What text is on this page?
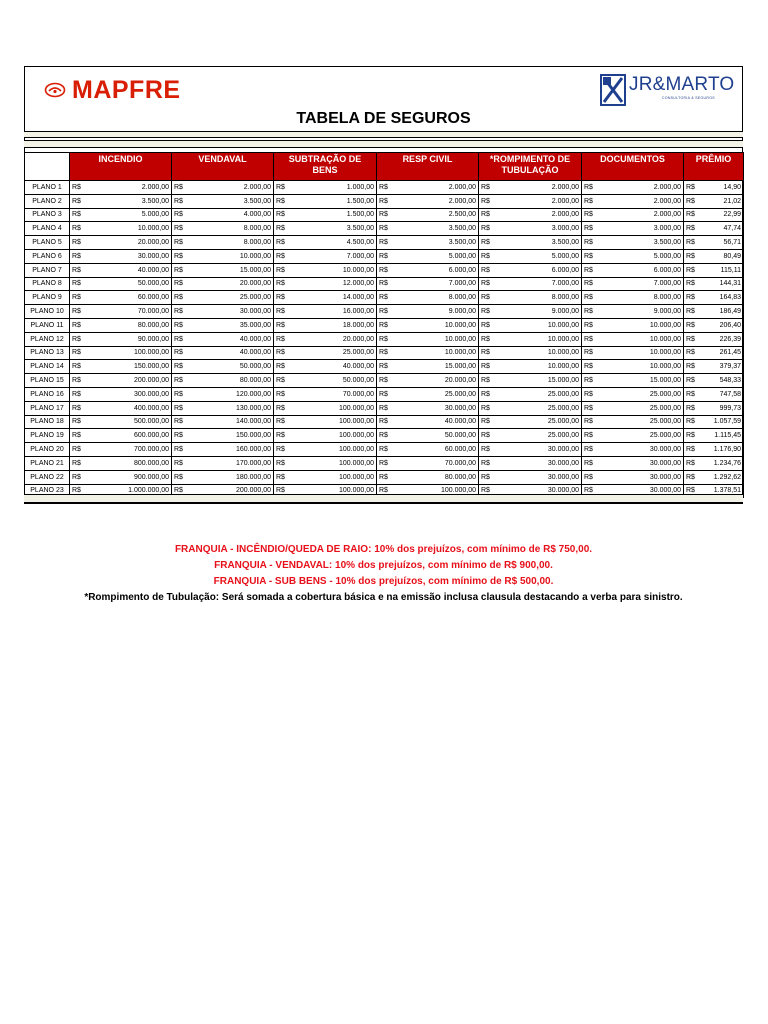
MAPFRE	JR&MARTO
CONSULTORIA & SEGUROS
TABELA DE SEGUROS
	INCENDIO	VENDAVAL	SUBTRAÇÃO DE BENS	RESP CIVIL	*ROMPIMENTO DE TUBULAÇÃO	DOCUMENTOS	PRÊMIO
PLANO 1	R$ 2.000,00	R$ 2.000,00	R$ 1.000,00	R$ 2.000,00	R$ 2.000,00	R$ 2.000,00	R$ 14,90

PLANO 2	R$ 3.500,00	R$ 3.500,00	R$ 1.500,00	R$ 2.000,00	R$ 2.000,00	R$ 2.000,00	R$ 21,02

PLANO 3	R$ 5.000,00	R$ 4.000,00	R$ 1.500,00	R$ 2.500,00	R$ 2.000,00	R$ 2.000,00	R$ 22,99

PLANO 4	R$ 10.000,00	R$ 8.000,00	R$ 3.500,00	R$ 3.500,00	R$ 3.000,00	R$ 3.000,00	R$ 47,74

PLANO 5	R$ 20.000,00	R$ 8.000,00	R$ 4.500,00	R$ 3.500,00	R$ 3.500,00	R$ 3.500,00	R$ 56,71

PLANO 6	R$ 30.000,00	R$ 10.000,00	R$ 7.000,00	R$ 5.000,00	R$ 5.000,00	R$ 5.000,00	R$ 80,49

PLANO 7	R$ 40.000,00	R$ 15.000,00	R$ 10.000,00	R$ 6.000,00	R$ 6.000,00	R$ 6.000,00	R$ 115,11

PLANO 8	R$ 50.000,00	R$ 20.000,00	R$ 12.000,00	R$ 7.000,00	R$ 7.000,00	R$ 7.000,00	R$ 144,31

PLANO 9	R$ 60.000,00	R$ 25.000,00	R$ 14.000,00	R$ 8.000,00	R$ 8.000,00	R$ 8.000,00	R$ 164,83

PLANO 10	R$ 70.000,00	R$ 30.000,00	R$ 16.000,00	R$ 9.000,00	R$ 9.000,00	R$ 9.000,00	R$ 186,49

PLANO 11	R$ 80.000,00	R$ 35.000,00	R$ 18.000,00	R$ 10.000,00	R$ 10.000,00	R$ 10.000,00	R$ 206,40

PLANO 12	R$ 90.000,00	R$ 40.000,00	R$ 20.000,00	R$ 10.000,00	R$ 10.000,00	R$ 10.000,00	R$ 226,39

PLANO 13	R$ 100.000,00	R$ 40.000,00	R$ 25.000,00	R$ 10.000,00	R$ 10.000,00	R$ 10.000,00	R$ 261,45

PLANO 14	R$ 150.000,00	R$ 50.000,00	R$ 40.000,00	R$ 15.000,00	R$ 10.000,00	R$ 10.000,00	R$ 379,37

PLANO 15	R$ 200.000,00	R$ 80.000,00	R$ 50.000,00	R$ 20.000,00	R$ 15.000,00	R$ 15.000,00	R$ 548,33

PLANO 16	R$ 300.000,00	R$ 120.000,00	R$ 70.000,00	R$ 25.000,00	R$ 25.000,00	R$ 25.000,00	R$ 747,58

PLANO 17	R$ 400.000,00	R$ 130.000,00	R$ 100.000,00	R$ 30.000,00	R$ 25.000,00	R$ 25.000,00	R$ 999,73

PLANO 18	R$ 500.000,00	R$ 140.000,00	R$ 100.000,00	R$ 40.000,00	R$ 25.000,00	R$ 25.000,00	R$ 1.057,59

PLANO 19	R$ 600.000,00	R$ 150.000,00	R$ 100.000,00	R$ 50.000,00	R$ 25.000,00	R$ 25.000,00	R$ 1.115,45

PLANO 20	R$ 700.000,00	R$ 160.000,00	R$ 100.000,00	R$ 60.000,00	R$ 30.000,00	R$ 30.000,00	R$ 1.176,90

PLANO 21	R$ 800.000,00	R$ 170.000,00	R$ 100.000,00	R$ 70.000,00	R$ 30.000,00	R$ 30.000,00	R$ 1.234,76

PLANO 22	R$ 900.000,00	R$ 180.000,00	R$ 100.000,00	R$ 80.000,00	R$ 30.000,00	R$ 30.000,00	R$ 1.292,62

PLANO 23	R$ 1.000.000,00	R$ 200.000,00	R$ 100.000,00	R$ 100.000,00	R$ 30.000,00	R$ 30.000,00	R$ 1.378,51
FRANQUIA - INCÊNDIO/QUEDA DE RAIO: 10% dos prejuízos, com mínimo de R$ 750,00.
FRANQUIA - VENDAVAL: 10% dos prejuízos, com mínimo de R$ 900,00.
FRANQUIA - SUB BENS - 10% dos prejuízos, com mínimo de R$ 500,00.
*Rompimento de Tubulação: Será somada a cobertura básica e na emissão inclusa clausula destacando a verba para sinistro.
